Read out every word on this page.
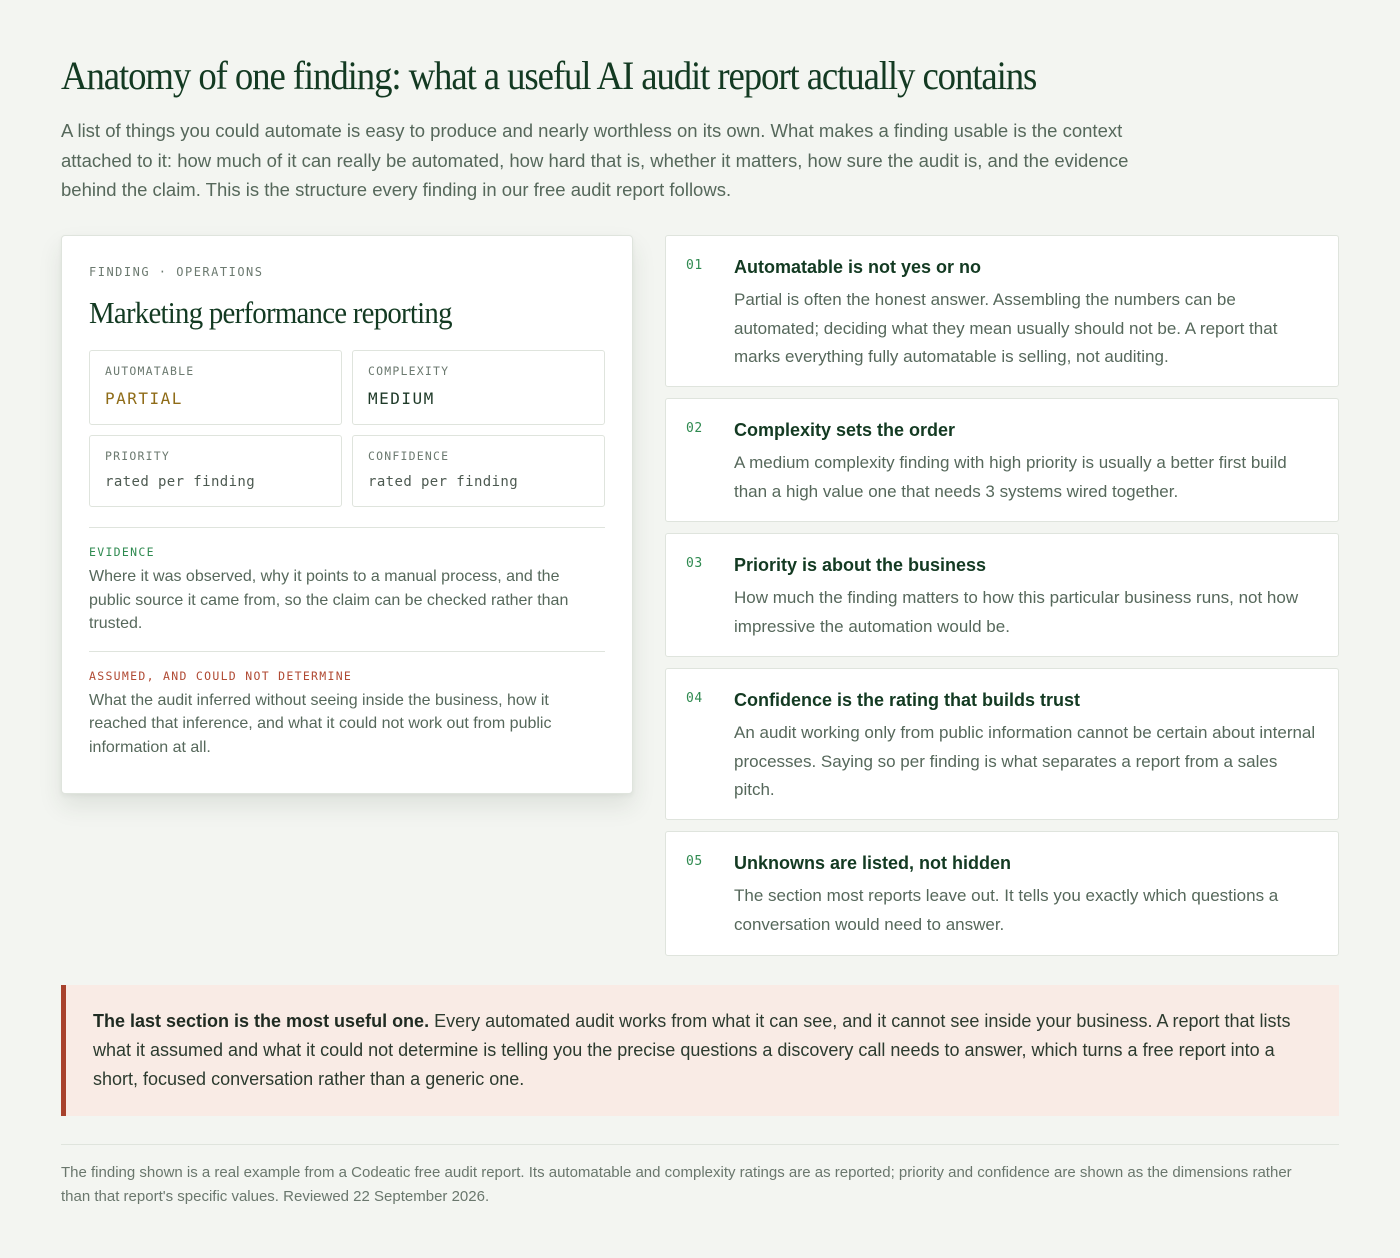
Anatomy of one finding: what a useful AI audit report actually contains

A list of things you could automate is easy to produce and nearly worthless on its own. What makes a finding usable is the context attached to it: how much of it can really be automated, how hard that is, whether it matters, how sure the audit is, and the evidence behind the claim. This is the structure every finding in our free audit report follows.

FINDING · OPERATIONS
Marketing performance reporting
AUTOMATABLE
PARTIAL
COMPLEXITY
MEDIUM
PRIORITY
rated per finding
CONFIDENCE
rated per finding
EVIDENCE

Where it was observed, why it points to a manual process, and the public source it came from, so the claim can be checked rather than trusted.

ASSUMED, AND COULD NOT DETERMINE

What the audit inferred without seeing inside the business, how it reached that inference, and what it could not work out from public information at all.

01 Automatable is not yes or no

Partial is often the honest answer. Assembling the numbers can be automated; deciding what they mean usually should not be. A report that marks everything fully automatable is selling, not auditing.

02 Complexity sets the order

A medium complexity finding with high priority is usually a better first build than a high value one that needs 3 systems wired together.

03 Priority is about the business

How much the finding matters to how this particular business runs, not how impressive the automation would be.

04 Confidence is the rating that builds trust

An audit working only from public information cannot be certain about internal processes. Saying so per finding is what separates a report from a sales pitch.

05 Unknowns are listed, not hidden

The section most reports leave out. It tells you exactly which questions a conversation would need to answer.

The last section is the most useful one. Every automated audit works from what it can see, and it cannot see inside your business. A report that lists what it assumed and what it could not determine is telling you the precise questions a discovery call needs to answer, which turns a free report into a short, focused conversation rather than a generic one.

The finding shown is a real example from a Codeatic free audit report. Its automatable and complexity ratings are as reported; priority and confidence are shown as the dimensions rather than that report's specific values. Reviewed 22 September 2026.
